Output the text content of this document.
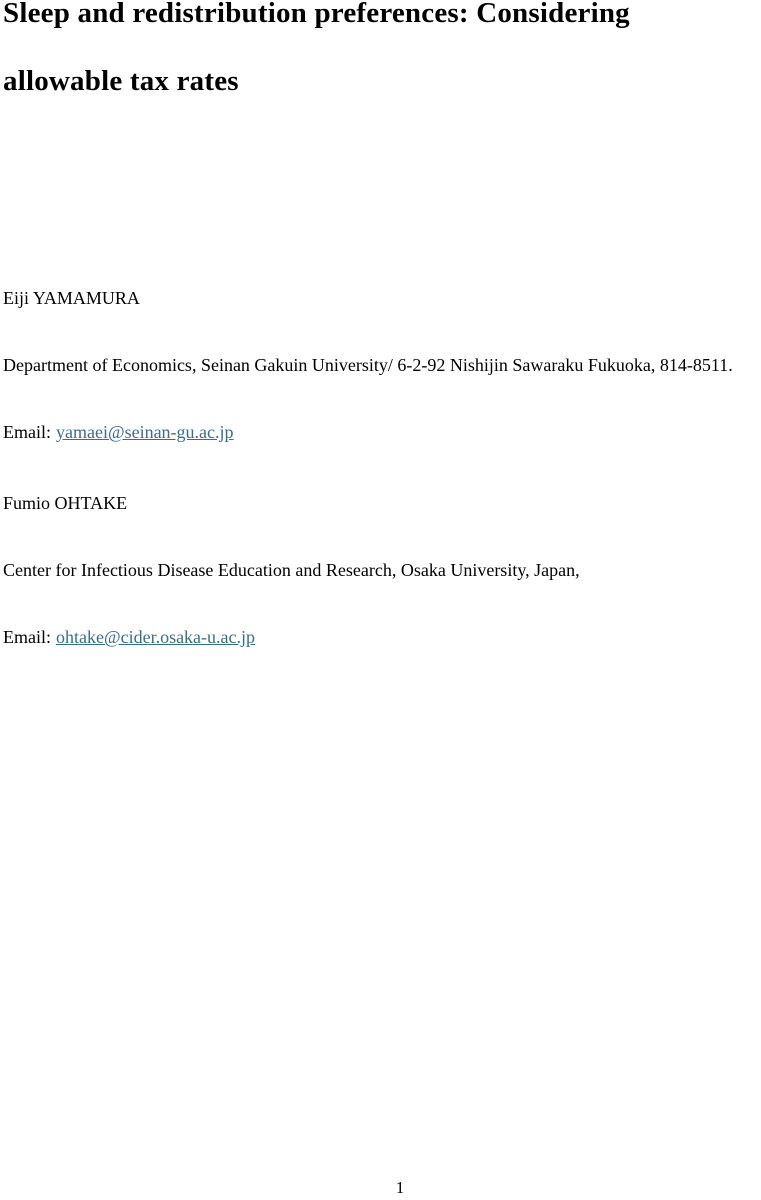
Sleep and redistribution preferences: Considering
allowable tax rates

Eiji YAMAMURA

Department of Economics, Seinan Gakuin University/ 6-2-92 Nishijin Sawaraku Fukuoka, 814-8511.

Email: yamaei@seinan-gu.ac.jp

Fumio OHTAKE

Center for Infectious Disease Education and Research, Osaka University, Japan,

Email: ohtake@cider.osaka-u.ac.jp

1
